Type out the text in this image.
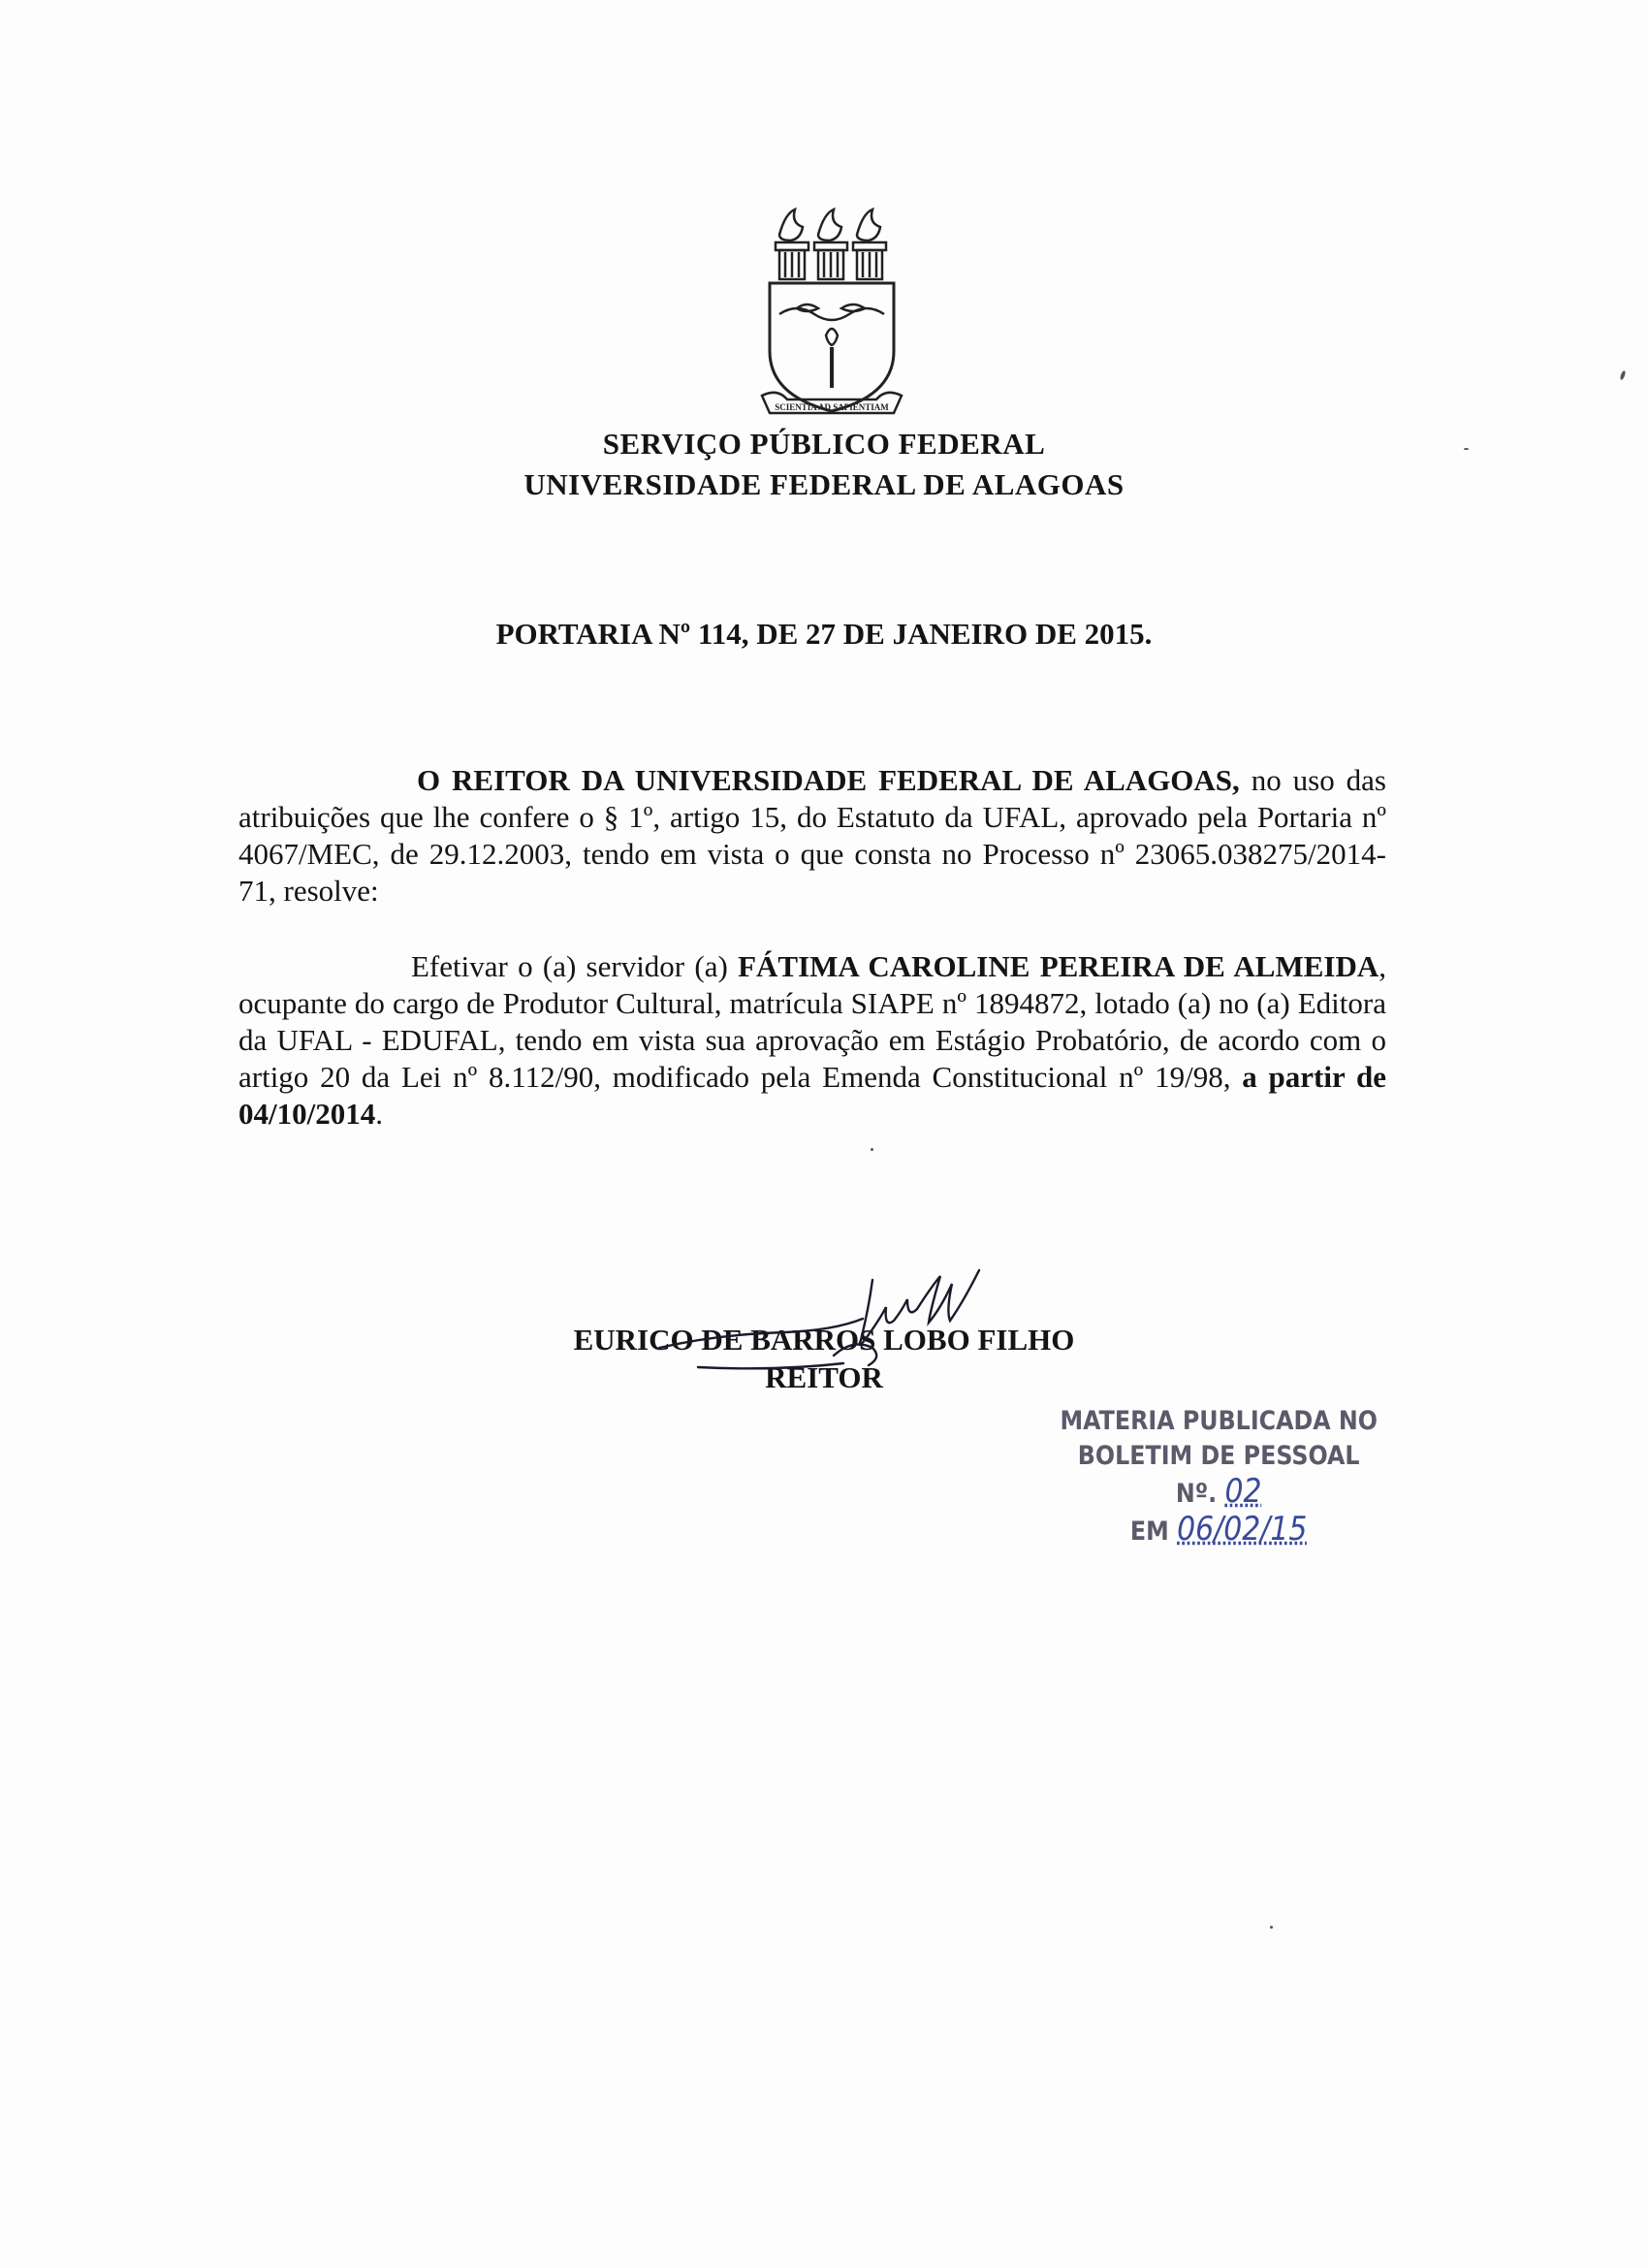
SCIENTIA AD SAPIENTIAM
SERVIÇO PÚBLICO FEDERAL
UNIVERSIDADE FEDERAL DE ALAGOAS
PORTARIA Nº 114, DE 27 DE JANEIRO DE 2015.
O REITOR DA UNIVERSIDADE FEDERAL DE ALAGOAS, no uso das atribuições que lhe confere o § 1º, artigo 15, do Estatuto da UFAL, aprovado pela Portaria nº 4067/MEC, de 29.12.2003, tendo em vista o que consta no Processo nº 23065.038275/2014-71, resolve:
Efetivar o (a) servidor (a) FÁTIMA CAROLINE PEREIRA DE ALMEIDA, ocupante do cargo de Produtor Cultural, matrícula SIAPE nº 1894872, lotado (a) no (a) Editora da UFAL - EDUFAL, tendo em vista sua aprovação em Estágio Probatório, de acordo com o artigo 20 da Lei nº 8.112/90, modificado pela Emenda Constitucional nº 19/98, a partir de 04/10/2014.
EURICO DE BARROS LOBO FILHO
REITOR
MATERIA PUBLICADA NO
BOLETIM DE PESSOAL Nº. 02
EM 06/02/15
